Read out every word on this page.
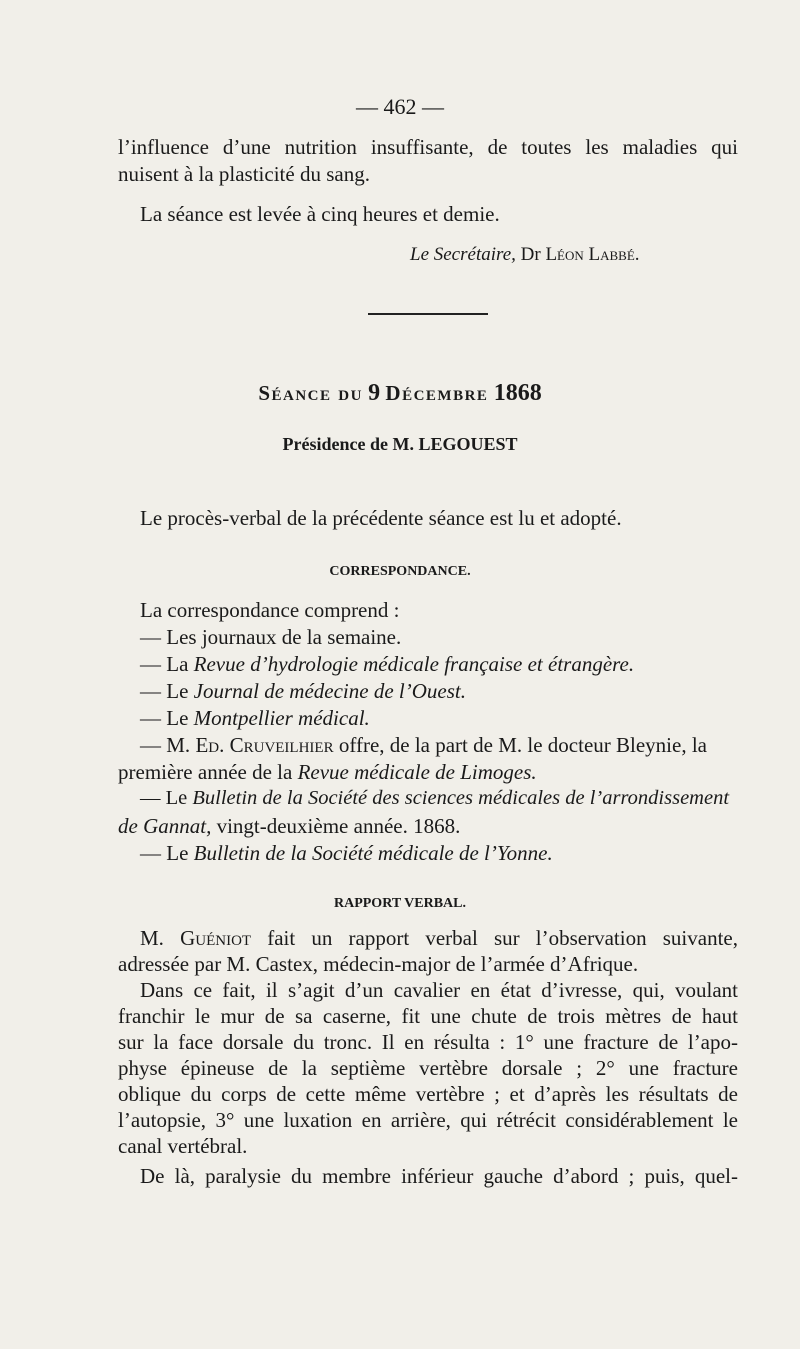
— 462 —

l’influence d’une nutrition insuffisante, de toutes les maladies qui

nuisent à la plasticité du sang.

La séance est levée à cinq heures et demie.

Le Secrétaire, Dr Léon Labbé.

Séance du 9 Décembre 1868
Présidence de M. LEGOUEST

Le procès-verbal de la précédente séance est lu et adopté.

CORRESPONDANCE.

La correspondance comprend :

— Les journaux de la semaine.

— La Revue d’hydrologie médicale française et étrangère.

— Le Journal de médecine de l’Ouest.

— Le Montpellier médical.

— M. Ed. Cruveilhier offre, de la part de M. le docteur Bleynie, la

première année de la Revue médicale de Limoges.

— Le Bulletin de la Société des sciences médicales de l’arrondissement

de Gannat, vingt-deuxième année. 1868.

— Le Bulletin de la Société médicale de l’Yonne.

RAPPORT VERBAL.

M. Guéniot fait un rapport verbal sur l’observation suivante,

adressée par M. Castex, médecin-major de l’armée d’Afrique.

Dans ce fait, il s’agit d’un cavalier en état d’ivresse, qui, voulant

franchir le mur de sa caserne, fit une chute de trois mètres de haut

sur la face dorsale du tronc. Il en résulta : 1° une fracture de l’apo-

physe épineuse de la septième vertèbre dorsale ; 2° une fracture

oblique du corps de cette même vertèbre ; et d’après les résultats de

l’autopsie, 3° une luxation en arrière, qui rétrécit considérablement le

canal vertébral.

De là, paralysie du membre inférieur gauche d’abord ; puis, quel-
